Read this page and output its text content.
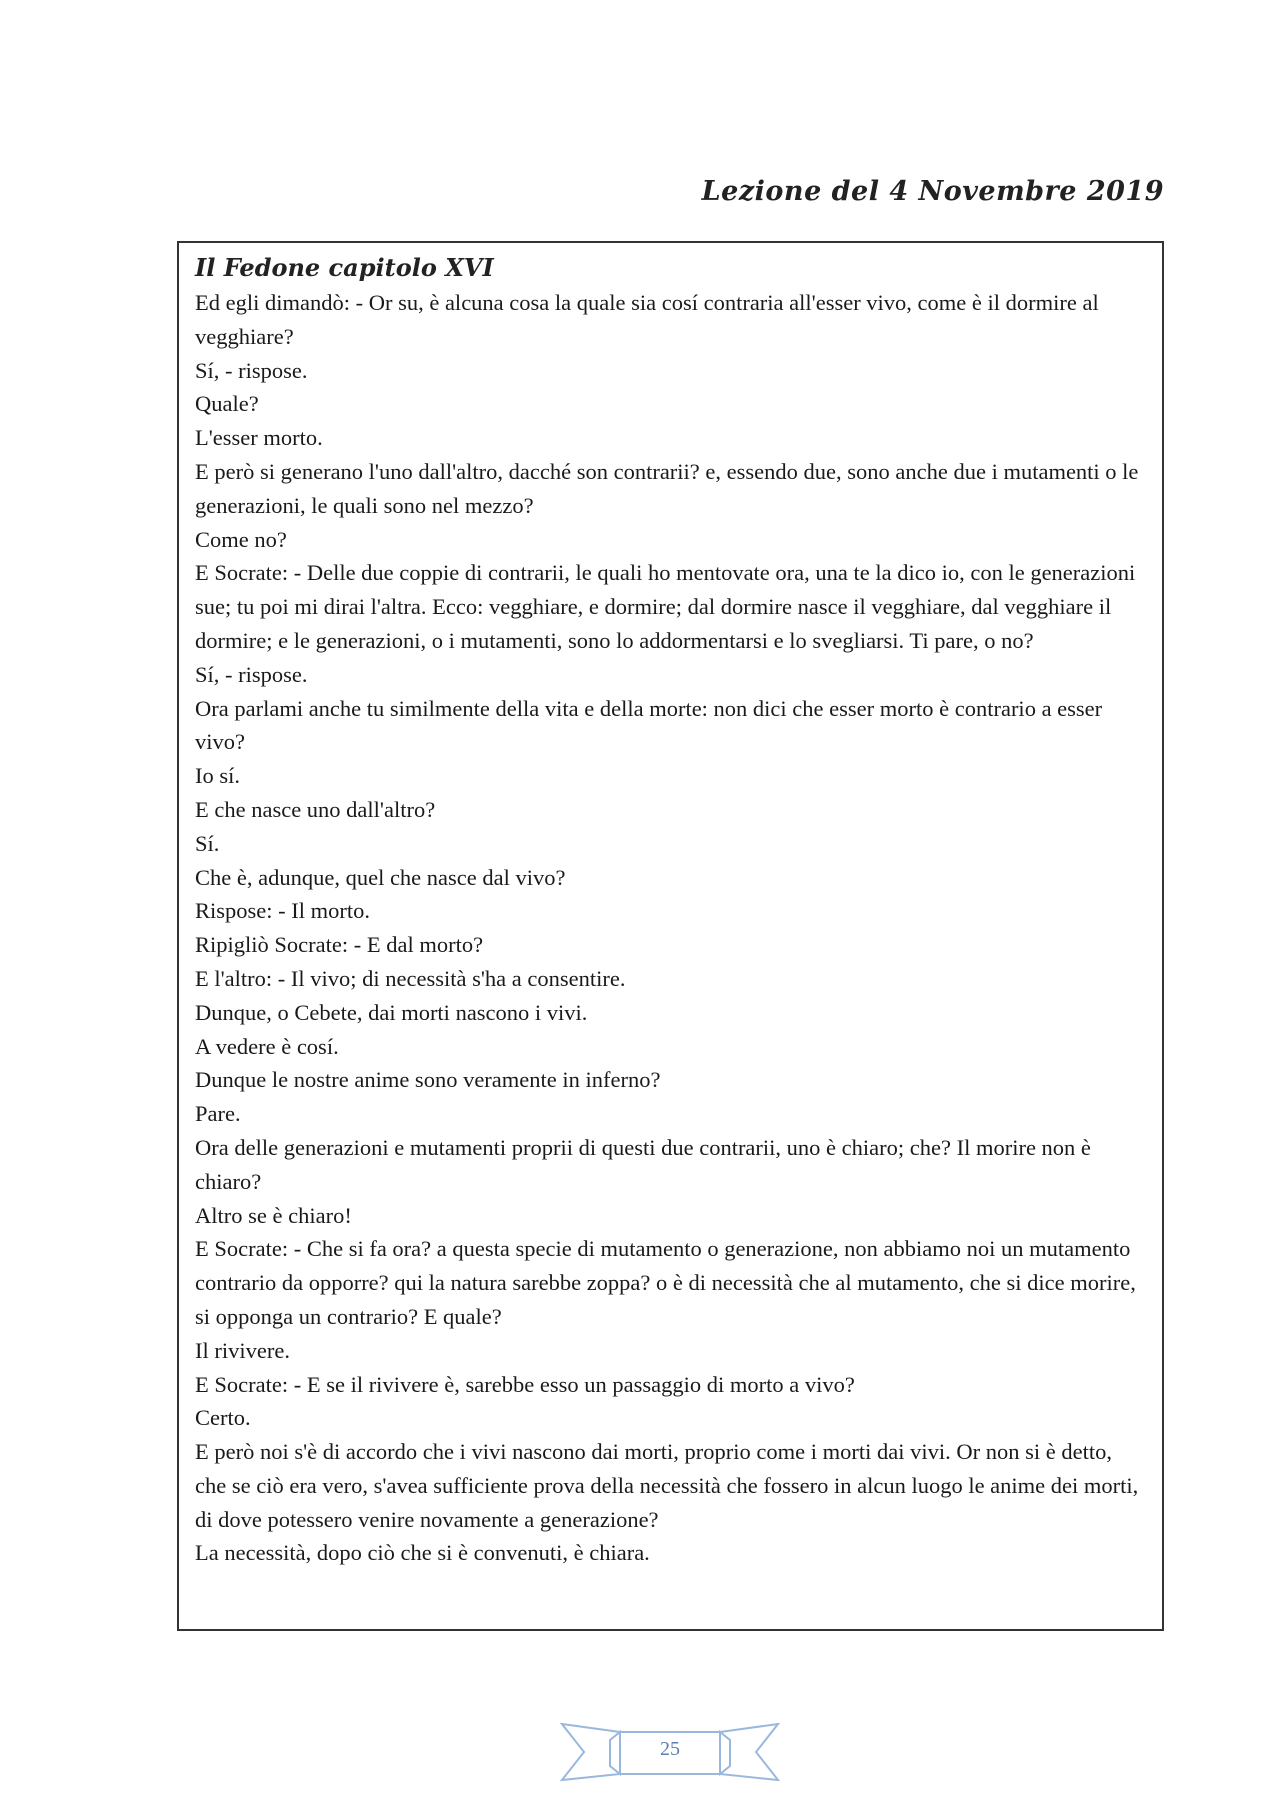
Lezione del 4 Novembre 2019
Il Fedone capitolo XVI
Ed egli dimandò: - Or su, è alcuna cosa la quale sia cosí contraria all'esser vivo, come è il dormire al vegghiare?
Sí, - rispose.
Quale?
L'esser morto.
E però si generano l'uno dall'altro, dacché son contrarii? e, essendo due, sono anche due i mutamenti o le generazioni, le quali sono nel mezzo?
Come no?
E Socrate: - Delle due coppie di contrarii, le quali ho mentovate ora, una te la dico io, con le generazioni sue; tu poi mi dirai l'altra. Ecco: vegghiare, e dormire; dal dormire nasce il vegghiare, dal vegghiare il dormire; e le generazioni, o i mutamenti, sono lo addormentarsi e lo svegliarsi. Ti pare, o no?
Sí, - rispose.
Ora parlami anche tu similmente della vita e della morte: non dici che esser morto è contrario a esser vivo?
Io sí.
E che nasce uno dall'altro?
Sí.
Che è, adunque, quel che nasce dal vivo?
Rispose: - Il morto.
Ripigliò Socrate: - E dal morto?
E l'altro: - Il vivo; di necessità s'ha a consentire.
Dunque, o Cebete, dai morti nascono i vivi.
A vedere è cosí.
Dunque le nostre anime sono veramente in inferno?
Pare.
Ora delle generazioni e mutamenti proprii di questi due contrarii, uno è chiaro; che? Il morire non è chiaro?
Altro se è chiaro!
E Socrate: - Che si fa ora? a questa specie di mutamento o generazione, non abbiamo noi un mutamento contrario da opporre? qui la natura sarebbe zoppa? o è di necessità che al mutamento, che si dice morire, si opponga un contrario? E quale?
Il rivivere.
E Socrate: - E se il rivivere è, sarebbe esso un passaggio di morto a vivo?
Certo.
E però noi s'è di accordo che i vivi nascono dai morti, proprio come i morti dai vivi. Or non si è detto, che se ciò era vero, s'avea sufficiente prova della necessità che fossero in alcun luogo le anime dei morti, di dove potessero venire novamente a generazione?
La necessità, dopo ciò che si è convenuti, è chiara.
25
